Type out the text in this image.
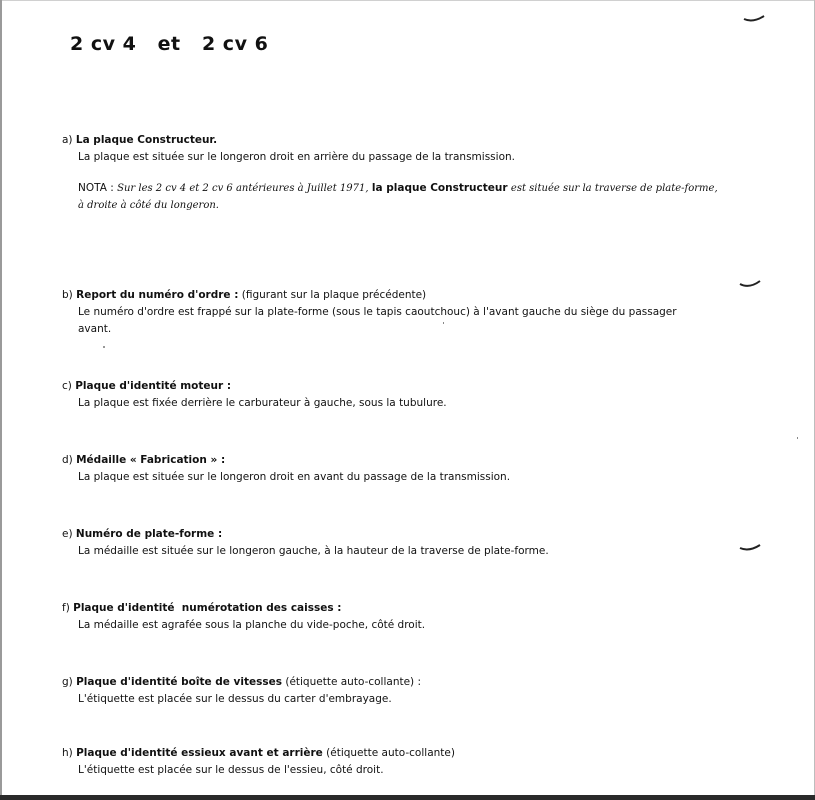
2 cv 4   et   2 cv 6
a) La plaque Constructeur.
La plaque est située sur le longeron droit en arrière du passage de la transmission.
NOTA : Sur les 2 cv 4 et 2 cv 6 antérieures à Juillet 1971, la plaque Constructeur est située sur la traverse de plate-forme, à droite à côté du longeron.
b) Report du numéro d'ordre : (figurant sur la plaque précédente)
Le numéro d'ordre est frappé sur la plate-forme (sous le tapis caoutchouc) à l'avant gauche du siège du passager avant.
c) Plaque d'identité moteur :
La plaque est fixée derrière le carburateur à gauche, sous la tubulure.
d) Médaille « Fabrication » :
La plaque est située sur le longeron droit en avant du passage de la transmission.
e) Numéro de plate-forme :
La médaille est située sur le longeron gauche, à la hauteur de la traverse de plate-forme.
f) Plaque d'identité  numérotation des caisses :
La médaille est agrafée sous la planche du vide-poche, côté droit.
g) Plaque d'identité boîte de vitesses (étiquette auto-collante) :
L'étiquette est placée sur le dessus du carter d'embrayage.
h) Plaque d'identité essieux avant et arrière (étiquette auto-collante)
L'étiquette est placée sur le dessus de l'essieu, côté droit.
